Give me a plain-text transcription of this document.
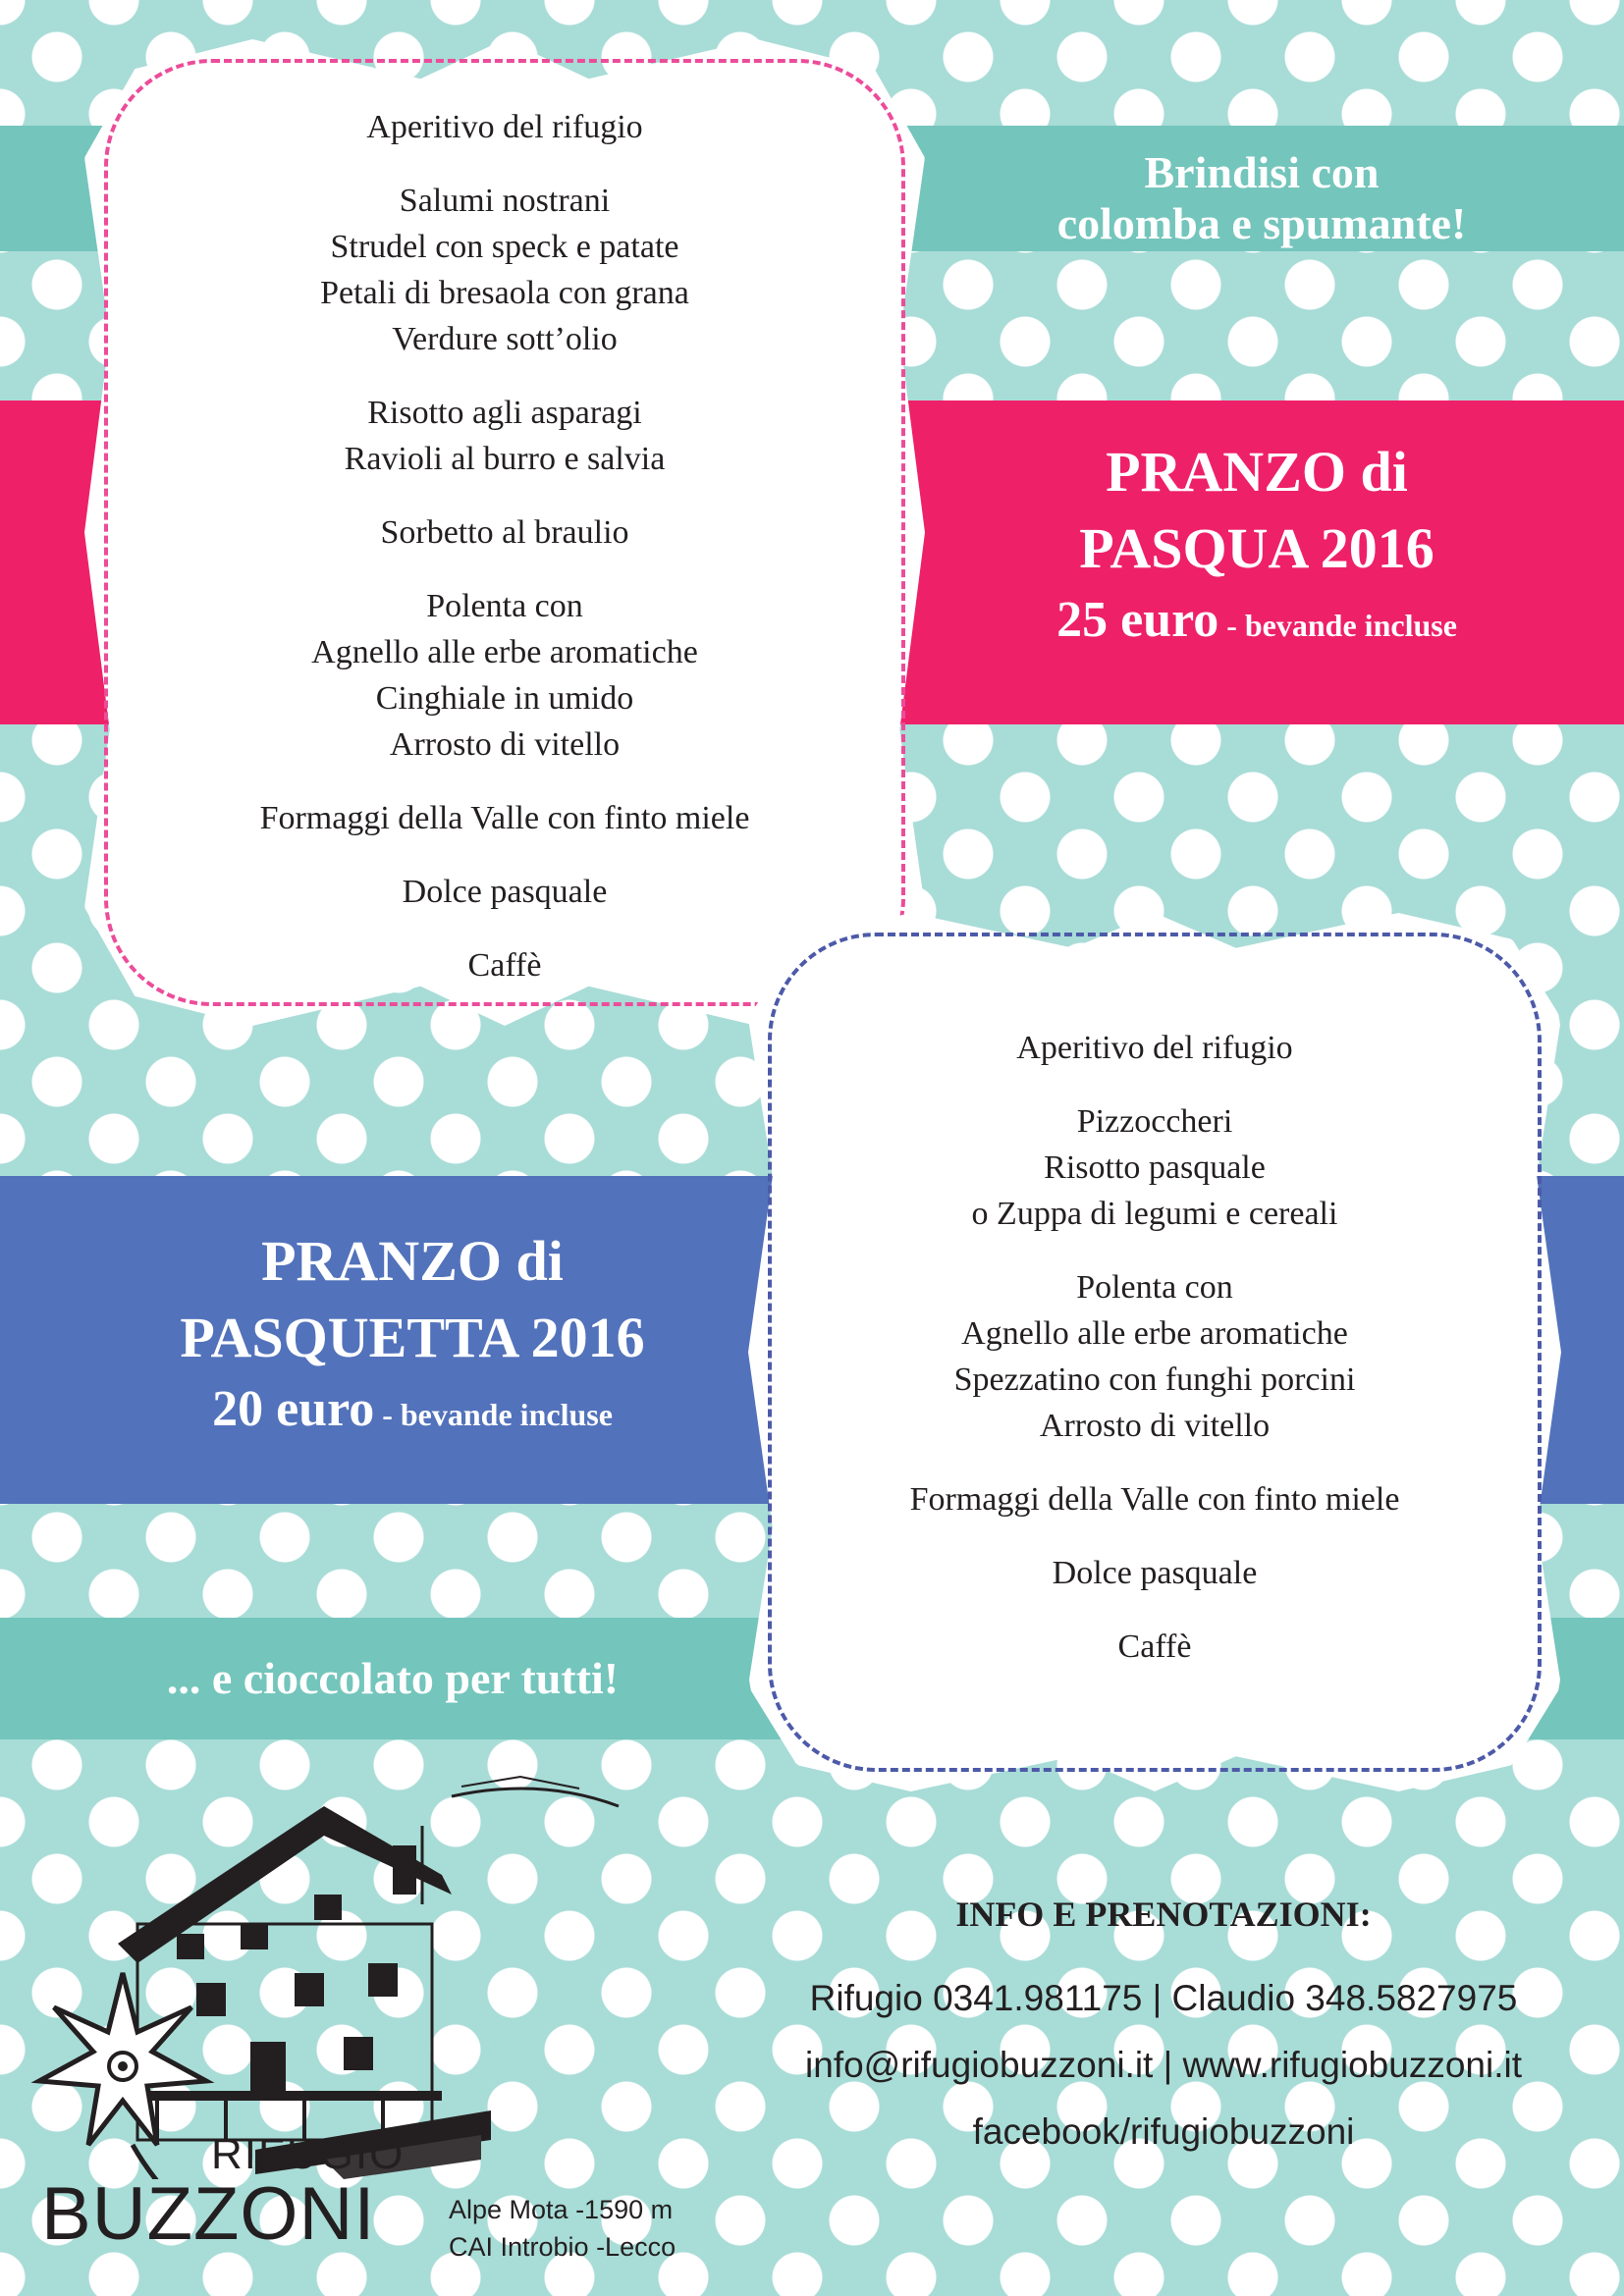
Aperitivo del rifugio
Salumi nostrani
Strudel con speck e patate
Petali di bresaola con grana
Verdure sott’olio
Risotto agli asparagi
Ravioli al burro e salvia
Sorbetto al braulio
Polenta con
Agnello alle erbe aromatiche
Cinghiale in umido
Arrosto di vitello
Formaggi della Valle con finto miele
Dolce pasquale
Caffè
Aperitivo del rifugio
Pizzoccheri
Risotto pasquale
o Zuppa di legumi e cereali
Polenta con
Agnello alle erbe aromatiche
Spezzatino con funghi porcini
Arrosto di vitello
Formaggi della Valle con finto miele
Dolce pasquale
Caffè
Brindisi con
colomba e spumante!
PRANZO di
PASQUA 2016
25 euro - bevande incluse
PRANZO di
PASQUETTA 2016
20 euro - bevande incluse
... e cioccolato per tutti!
RIFUGIO
BUZZONI	Alpe Mota -1590 m
CAI Introbio -Lecco
INFO E PRENOTAZIONI:
Rifugio 0341.981175 | Claudio 348.5827975
info@rifugiobuzzoni.it | www.rifugiobuzzoni.it
facebook/rifugiobuzzoni
